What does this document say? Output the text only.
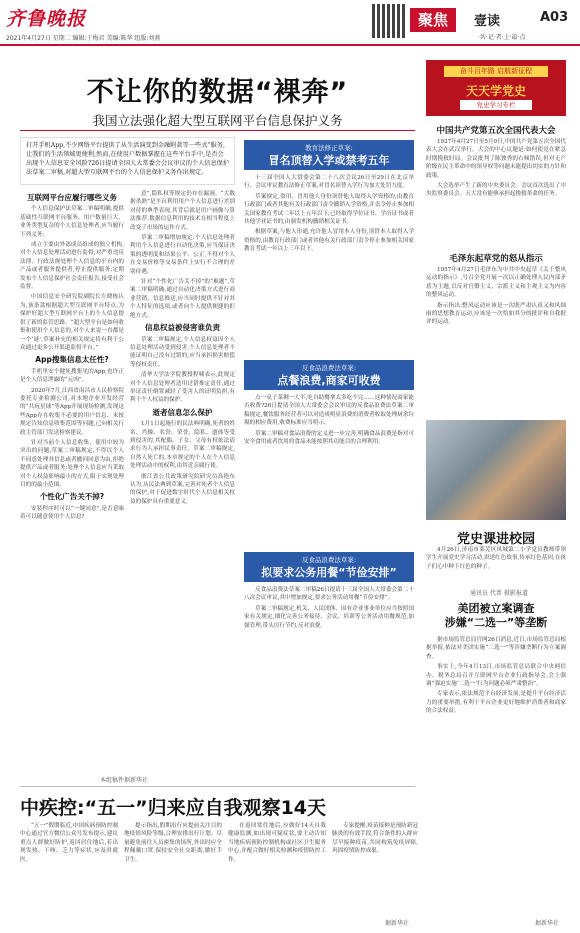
齐鲁晚报
2021年4月27日 星期二 编辑:于梅君 美编:陈华 组版:刘燕
聚焦	壹读	A03
·共·记·者·上·最·点
不让你的数据“裸奔”
我国立法强化超大型互联网平台信息保护义务
打开手机App,不少网络平台提供了从生活演变到金融附款等一些式“服务,让我们的生活领域更便利,然而,在使用户数据掌握在这些平台手中,是否会出现个人信息安全风险?26日提请全国人大常委会会议审议的个人信息保护法草案二审稿,对超大型互联网平台的个人信息保护义务作出规定。
互联网平台应履行哪些义务

个人信息保护法草案二审稿明确,提供基础性互联网平台服务、用户数量巨大、业务类型复杂的个人信息处理者,应当履行下列义务:

成立主要由外部成员组成的独立机构,对个人信息处理活动进行监督;对严重违反法律、行政法规处理个人信息的平台内的产品或者服务提供者,停止提供服务;定期发布个人信息保护社会责任报告,接受社会监督。

中国信息安全研究院副院长左晓栋认为,该条款根据超大型互联网平台特点,为保护好超大型互联网平台上的个人信息提供了新的监管思路。“超大型平台是如何收集和使用个人信息的,对个人来说一直都是一个‘谜’,草案补充的相关规定将有利于公众通过更多公开渠道监督平台。”

App搜集信息太任性?

手机里安个健死搜集见的App,也许正是个人信息泄露的“元凶”。

2020年7月,江西省南昌市人民检察院委托专业检测公司,对本地企业开发经营的“共玩星球”等App开展现场检测,发现这些App存在收集不必要的用户信息、未按规定告知信息收集范围等问题,已向相关行政主管部门发送检察建议。

针对当前个人信息收集、使用中较为突出的问题,草案二审稿规定,不得以个人不同意处理其信息或者撤回同意为由,拒绝提供产品或者服务;处理个人信息应当采取对个人权益影响最小的方式,限于实现处理目的的最小范围。

个性化广告关不掉?

安装程序时可以“一键同意”,是否意味着可以随意使用个人信息?

意”,隐私权等规定仍存在漏洞。“大数据杀熟”是平台利用用户个人信息进行差别对待的典型表现,其背后就是用户画像与算法推荐,数据信息利用的技术在相当程度上改变了市场的运作方式。

草案二审稿增加规定:个人信息处理者利用个人信息进行自动化决策,应当保证决策的透明度和结果公平、公正,不得对个人在交易价格等交易条件上实行不合理的差别待遇。

针对“个性化广告关不掉”的“难题”,草案二审稿明确,通过自动化决策方式进行商业营销、信息推送,应当同时提供不针对其个人特征的选项,或者向个人提供便捷的拒绝方式。

信息权益被侵害谁负责

草案二审稿规定,个人信息权益因个人信息处理活动受到侵害,个人信息处理者不能证明自己没有过错的,应当承担损害赔偿等侵权责任。

清华大学法学院教授程啸表示,此规定对个人信息处理者适用过错推定责任,通过举证责任倒置减轻了受害人的证明负担,有利于个人权益的保护。

逝者信息怎么保护

1月1日起施行的民法典明确,死者的姓名、肖像、名誉、荣誉、隐私、遗体等受到侵害的,其配偶、子女、父母有权依法请求行为人承担民事责任。草案二审稿规定,自然人死亡的,本章规定的个人在个人信息处理活动中的权利,由其近亲属行使。

浙江省公共政策研究院研究员高艳东认为,从民法典到草案,完善对死者个人信息的保护,对于促进数字时代个人信息相关权益的保护具有重要意义。

本组稿件据新华社
教育法修正草案:
冒名顶替入学或禁考五年

十三届全国人大常委会第二十八次会议26日至29日在北京举行。会议审议教育法修正草案,对冒名顶替入学行为加大处罚力度。

草案规定,盗用、冒用他人身份顶替他人取得入学资格的,由教育行政部门或者其他有关行政部门责令撤销入学资格,并责令停止参加相关国家教育考试二年以上五年以下;已经取得学位证书、学历证书或者其他学业证书的,由颁发机构撤销相关证书。

根据草案,与他人串通,允许他人冒用本人身份,顶替本人取得入学资格的,由教育行政部门或者其他有关行政部门责令停止参加相关国家教育考试一年以上三年以下。

反食品浪费法草案:
点餐浪费,商家可收费

点一桌子菜剩一大半,吃自助餐拿太多吃不完……这种情况商家能否收费?26日提请全国人大常委会会议审议的反食品浪费法草案二审稿规定,餐饮服务经营者可以对造成明显浪费的消费者收取处理厨余垃圾的相应费用,收费标准应当明示。

草案二审稿对食品浪费的定义进一步完善,明确食品浪费是指对可安全食用或者饮用的食品未能按照其功能目的合理利用。

反食品浪费法草案:
拟要求公务用餐“节俭安排”

反食品浪费法草案二审稿26日提请十三届全国人大常委会第二十八次会议审议,其中增加规定,要求公务活动用餐“节俭安排”。

草案二审稿规定,机关、人民团体、国有企业事业单位应当按照国家有关规定,细化完善公务接待、会议、培训等公务活动用餐规范,加强管理,带头厉行节约,反对浪费。

奋斗百年路 启航新征程
天天学党史
党史学习专栏
中国共产党第五次全国代表大会

1927年4月27日至5月9日,中国共产党第五次全国代表大会在武汉举行。大会的中心议题是:如何使党在紧急时期挽救时局。会议批判了陈独秀的右倾错误,但对无产阶级在民主革命中的领导权等问题未能提出切实的方针和政策。

大会选举产生了新的中央委员会。会议首次选出了中央监察委员会。五大没有能够承担起挽救革命的任务。

毛泽东起草党的怒从指示

1957年4月27日毛泽东为中共中央起草《关于整风运动的指示》,号召全党开展一次以正确处理人民内部矛盾为主题,以反对官僚主义、宗派主义和主观主义为内容的整风运动。

指示指出:整风运动应该是一次既严肃认真又和风细雨的思想教育运动,应该是一次恰如其分的批评和自我批评的运动。

党史课进校园

4月26日,济南市莱芜区凤城第二小学党员教师带领学生开展党史学习活动,讲述红色故事,传承红色基因,在孩子们心中种下红色的种子。

通讯员 代菁 摄影报道
美团被立案调查
涉嫌“二选一”等垄断

据市场监管总局官网26日消息,近日,市场监管总局根据举报,依法对美团实施“二选一”等涉嫌垄断行为立案调查。

事实上,今年4月13日,市场监管总局联合中央网信办、税务总局召开互联网平台企业行政指导会,会上强调“强迫实施‘二选一’行为问题必须严肃整治”。

专家表示,依法规范平台经济发展,是提升平台经济活力的重要举措,有利于平台企业更好地维护消费者和商家的合法权益。

据新华社
中疾控:“五一”归来应自我观察14天

“五一”假期临近,中国疾病预防控制中心通过官方微信公众号发布提示,建议重点人群做好防护,返回居住地后,若出现发热、干咳、乏力等症状,应及时就医。

提示指出,假期出行应提前关注目的地疫情风险等级,合理安排出行计划。尽量避免前往人员密集的场所,外出时应全程佩戴口罩,保持安全社交距离,做好手卫生。

在返回常住地后,应做好14天自我健康监测,如出现可疑症状,要主动告知当地疾病预防控制机构或社区卫生服务中心,并配合做好相关检测和疫情防控工作。

专家提醒,疫苗接种是预防新冠肺炎的有效手段,符合条件的人群应尽早接种疫苗,共同构筑免疫屏障,巩固疫情防控成果。

据新华社
